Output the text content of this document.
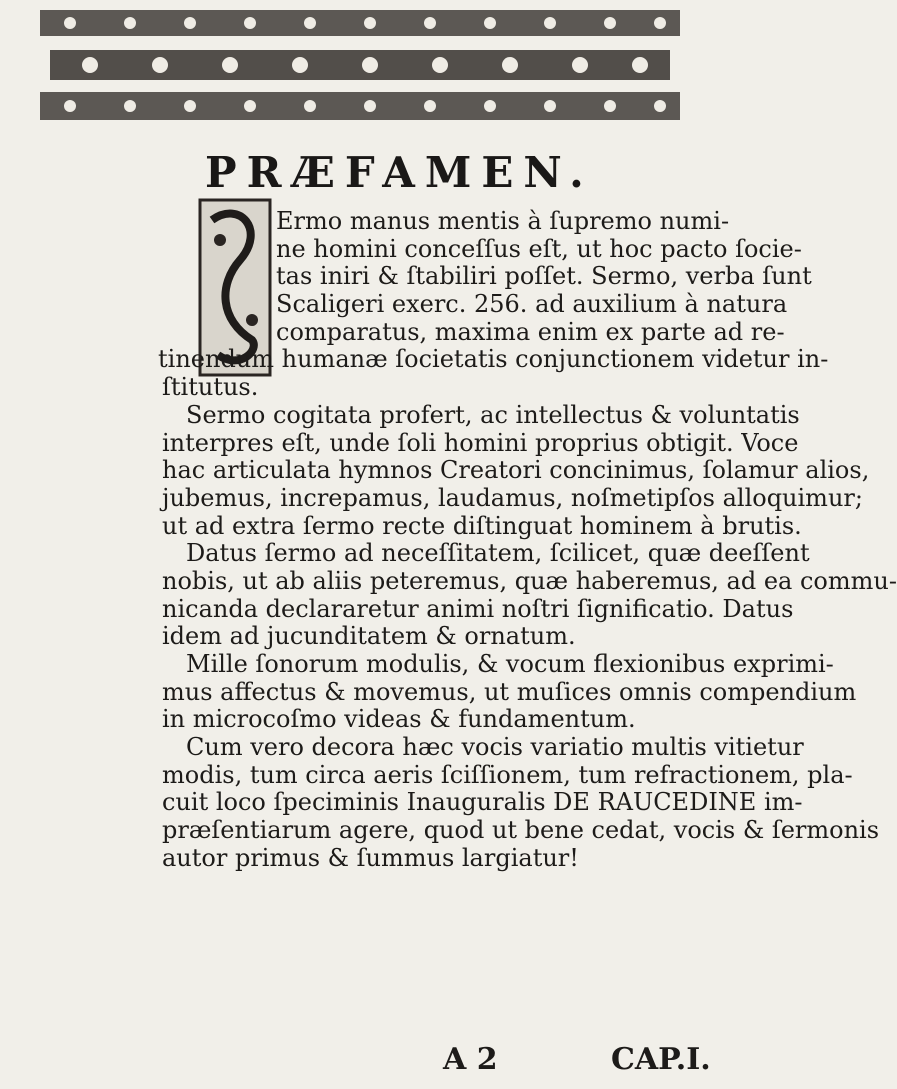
PRÆFAMEN.
Ermo manus mentis à ſupremo numi-
ne homini conceſſus eſt, ut hoc pacto ſocie-
tas iniri & ſtabiliri poſſet. Sermo, verba ſunt
Scaligeri exerc. 256. ad auxilium à natura
comparatus, maxima enim ex parte ad re-
tinendum humanæ ſocietatis conjunctionem videtur in-
ſtitutus.
Sermo cogitata profert, ac intellectus & voluntatis
interpres eſt, unde ſoli homini proprius obtigit. Voce
hac articulata hymnos Creatori concinimus, ſolamur alios,
jubemus, increpamus, laudamus, noſmetipſos alloquimur;
ut ad extra ſermo recte diſtinguat hominem à brutis.
Datus ſermo ad neceſſitatem, ſcilicet, quæ deeſſent
nobis, ut ab aliis peteremus, quæ haberemus, ad ea commu-
nicanda declararetur animi noſtri ſignificatio. Datus
idem ad jucunditatem & ornatum.
Mille ſonorum modulis, & vocum flexionibus exprimi-
mus affectus & movemus, ut muſices omnis compendium
in microcoſmo videas & fundamentum.
Cum vero decora hæc vocis variatio multis vitietur
modis, tum circa aeris ſciſſionem, tum refractionem, pla-
cuit loco ſpeciminis Inauguralis DE RAUCEDINE im-
præſentiarum agere, quod ut bene cedat, vocis & ſermonis
autor primus & ſummus largiatur!
A 2	CAP.I.
